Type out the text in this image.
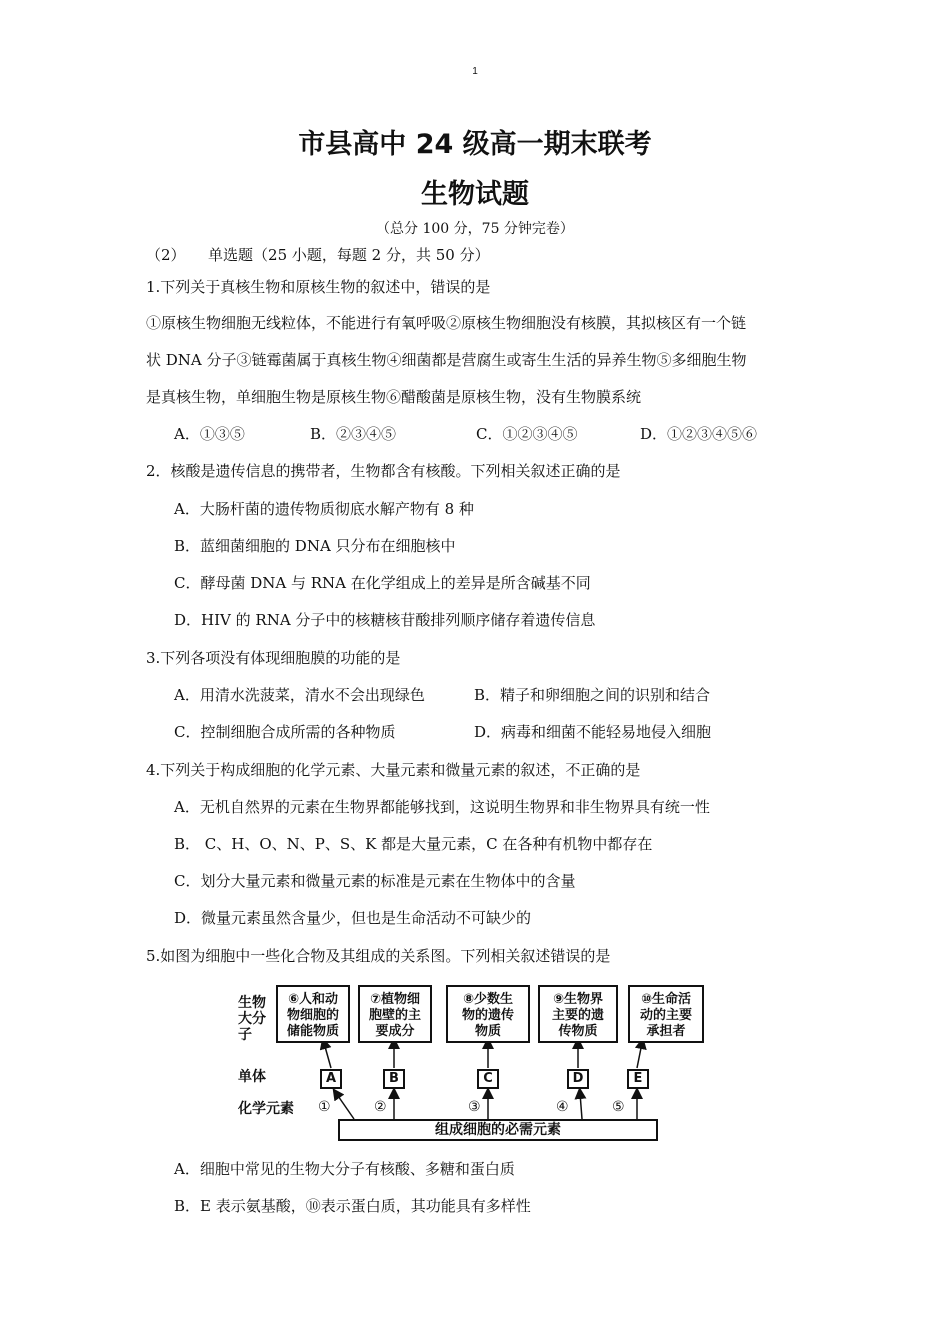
1
市县高中 24 级高一期末联考
生物试题
（总分 100 分，75 分钟完卷）
（2）　　单选题（25 小题，每题 2 分，共 50 分）
1.下列关于真核生物和原核生物的叙述中，错误的是
①原核生物细胞无线粒体，不能进行有氧呼吸②原核生物细胞没有核膜，其拟核区有一个链
状 DNA 分子③链霉菌属于真核生物④细菌都是营腐生或寄生生活的异养生物⑤多细胞生物
是真核生物，单细胞生物是原核生物⑥醋酸菌是原核生物，没有生物膜系统
A．①③⑤	B．②③④⑤	C．①②③④⑤	D．①②③④⑤⑥
2．核酸是遗传信息的携带者，生物都含有核酸。下列相关叙述正确的是
A．大肠杆菌的遗传物质彻底水解产物有 8 种
B．蓝细菌细胞的 DNA 只分布在细胞核中
C．酵母菌 DNA 与 RNA 在化学组成上的差异是所含碱基不同
D．HIV 的 RNA 分子中的核糖核苷酸排列顺序储存着遗传信息
3.下列各项没有体现细胞膜的功能的是
A．用清水洗菠菜，清水不会出现绿色	B．精子和卵细胞之间的识别和结合
C．控制细胞合成所需的各种物质	D．病毒和细菌不能轻易地侵入细胞
4.下列关于构成细胞的化学元素、大量元素和微量元素的叙述，不正确的是
A．无机自然界的元素在生物界都能够找到，这说明生物界和非生物界具有统一性
B． C、H、O、N、P、S、K 都是大量元素，C 在各种有机物中都存在
C．划分大量元素和微量元素的标准是元素在生物体中的含量
D．微量元素虽然含量少，但也是生命活动不可缺少的
5.如图为细胞中一些化合物及其组成的关系图。下列相关叙述错误的是
生物
大分
子
单体
化学元素
⑥人和动
物细胞的
储能物质
⑦植物细
胞壁的主
要成分
⑧少数生
物的遗传
物质
⑨生物界
主要的遗
传物质
A	B	C	D	E
①	②	③	④	⑤
组成细胞的必需元素
A．细胞中常见的生物大分子有核酸、多糖和蛋白质
B．E 表示氨基酸，⑩表示蛋白质，其功能具有多样性
⑩生命活
动的主要
承担者
